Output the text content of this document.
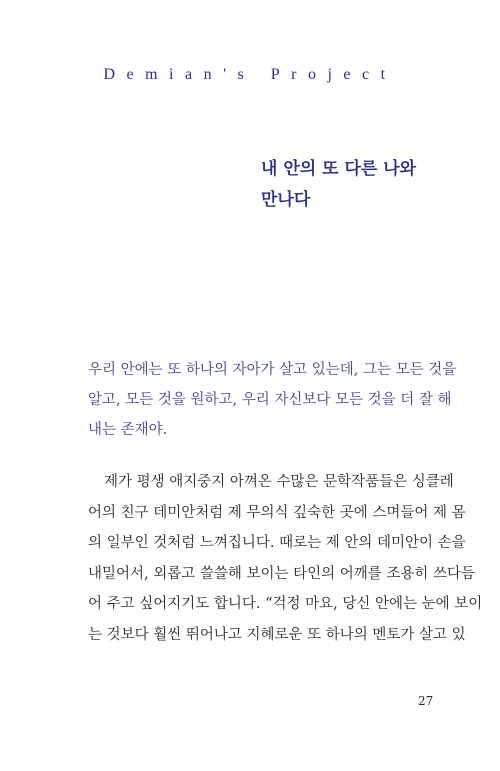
Demian's Project
내 안의 또 다른 나와
만나다
우리 안에는 또 하나의 자아가 살고 있는데, 그는 모든 것을
알고, 모든 것을 원하고, 우리 자신보다 모든 것을 더 잘 해
내는 존재야.
제가 평생 애지중지 아껴온 수많은 문학작품들은 싱클레
어의 친구 데미안처럼 제 무의식 깊숙한 곳에 스며들어 제 몸
의 일부인 것처럼 느껴집니다. 때로는 제 안의 데미안이 손을
내밀어서, 외롭고 쓸쓸해 보이는 타인의 어깨를 조용히 쓰다듬
어 주고 싶어지기도 합니다. “걱정 마요, 당신 안에는 눈에 보이
는 것보다 훨씬 뛰어나고 지혜로운 또 하나의 멘토가 살고 있
27
